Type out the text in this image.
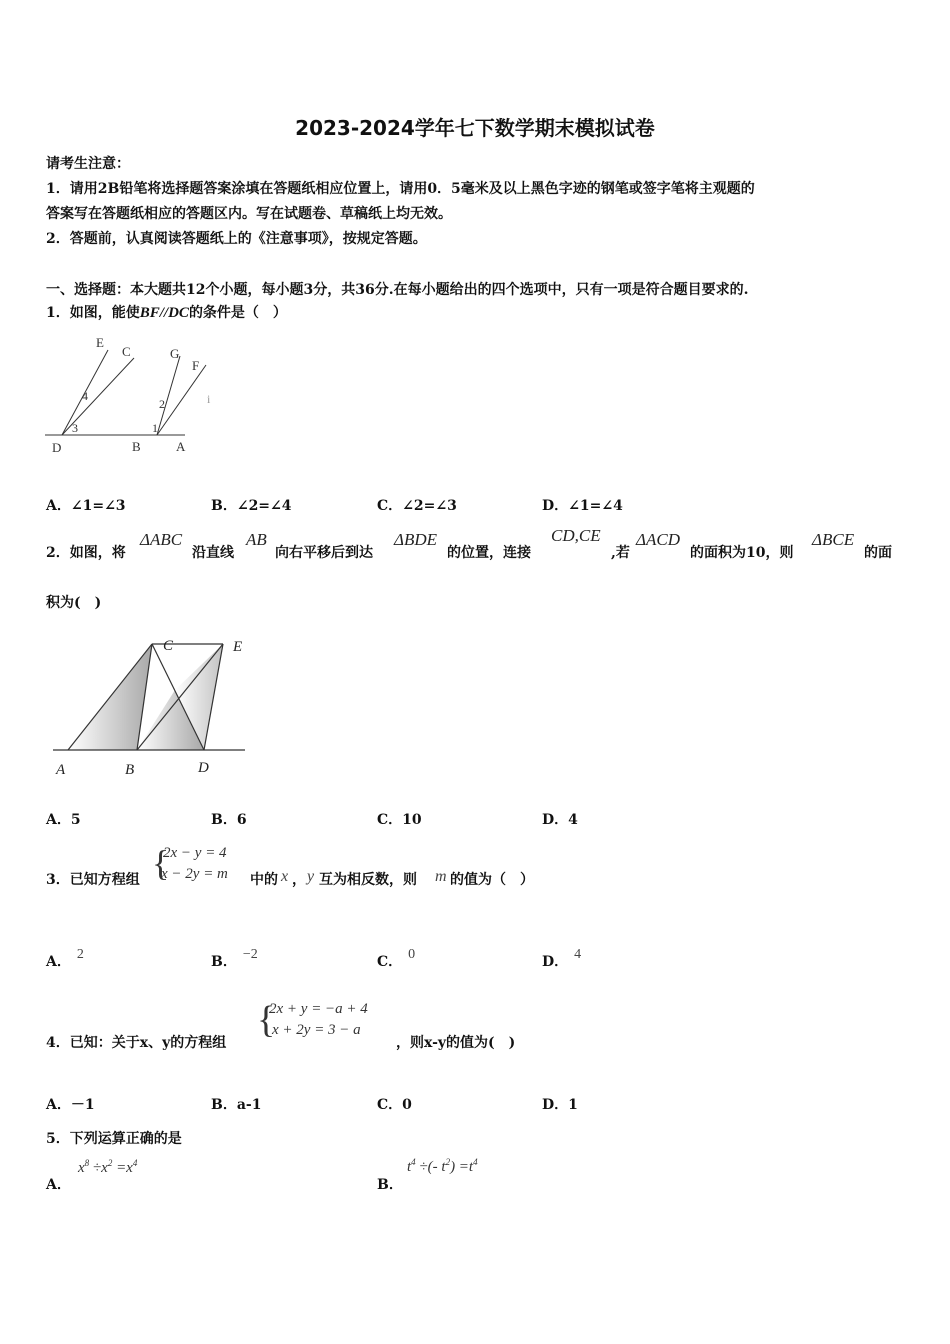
2023-2024学年七下数学期末模拟试卷
请考生注意：
1．请用2B铅笔将选择题答案涂填在答题纸相应位置上，请用0．5毫米及以上黑色字迹的钢笔或签字笔将主观题的
答案写在答题纸相应的答题区内。写在试题卷、草稿纸上均无效。
2．答题前，认真阅读答题纸上的《注意事项》，按规定答题。
一、选择题：本大题共12个小题，每小题3分，共36分.在每小题给出的四个选项中，只有一项是符合题目要求的.
1．如图，能使BF//DC的条件是（　）
E
C	G
F
4
2
3	1
D	B	A
i
A．∠1=∠3	B．∠2=∠4	C．∠2=∠3	D．∠1=∠4
2．如图，将
ΔABC
沿直线
AB
向右平移后到达
ΔBDE
的位置，连接
CD,CE
,若
ΔACD
的面积为10，则
ΔBCE
的面
积为(　)
C	E
A	B	D
A．5	B．6	C．10	D．4
3．已知方程组 {
2x − y = 4
x − 2y = m 中的 x ， y 互为相反数，则 m 的值为（　）
A． 2	B． −2	C． 0	D． 4
4．已知：关于x、y的方程组
{
2x + y = −a + 4
x + 2y = 3 − a
，则x-y的值为(　)
A．－1	B．a-1	C．0	D．1
5．下列运算正确的是
A．
$x^8 \div x^2 =x^4$
B．
$t^4$ ÷(- $t^2) =t^4$
